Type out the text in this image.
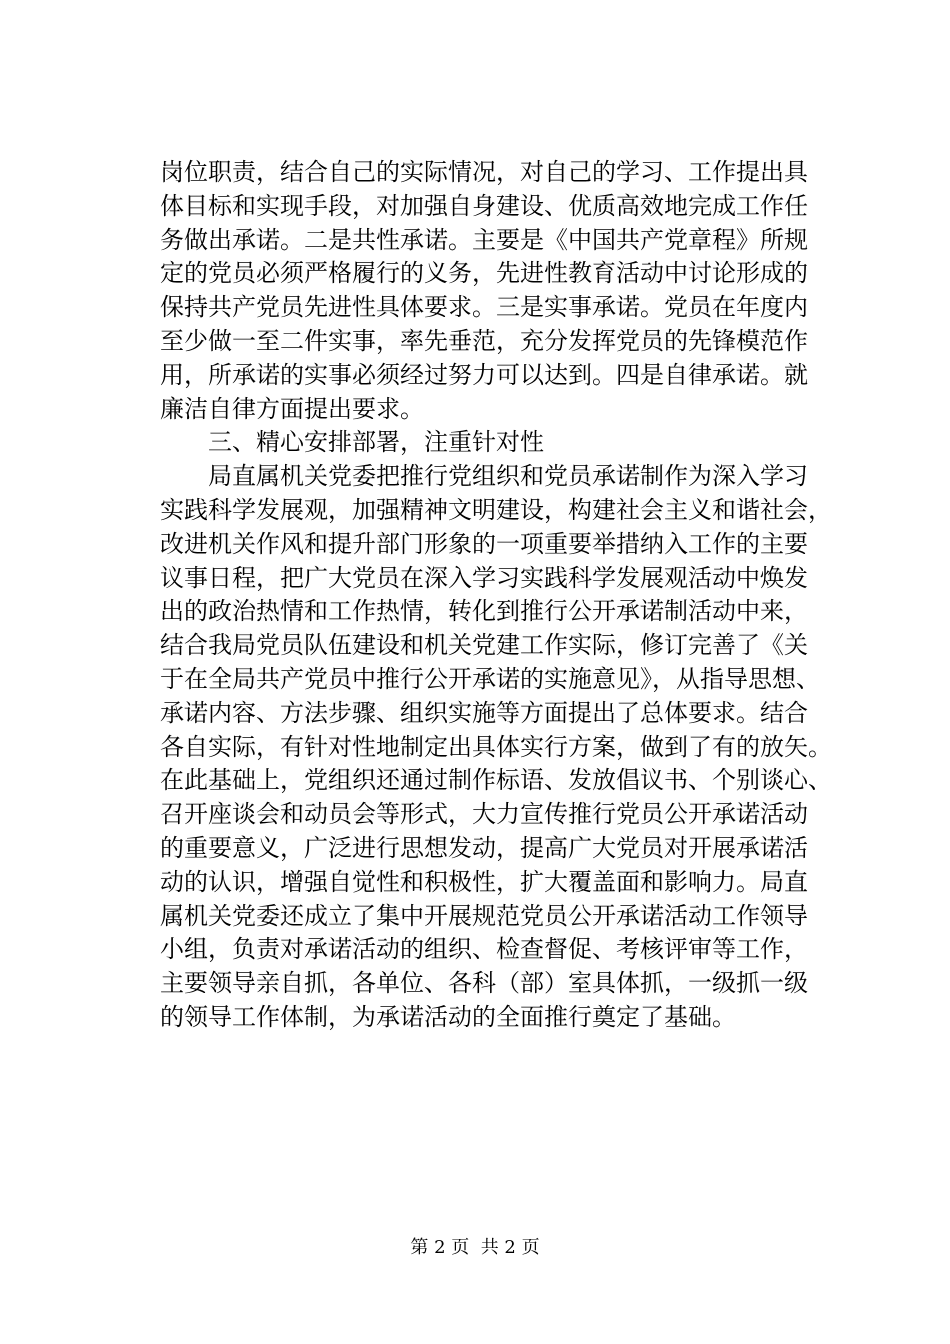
岗位职责，结合自己的实际情况，对自己的学习、工作提出具
体目标和实现手段，对加强自身建设、优质高效地完成工作任
务做出承诺。二是共性承诺。主要是《中国共产党章程》所规
定的党员必须严格履行的义务，先进性教育活动中讨论形成的
保持共产党员先进性具体要求。三是实事承诺。党员在年度内
至少做一至二件实事，率先垂范，充分发挥党员的先锋模范作
用，所承诺的实事必须经过努力可以达到。四是自律承诺。就
廉洁自律方面提出要求。
三、精心安排部署，注重针对性
局直属机关党委把推行党组织和党员承诺制作为深入学习
实践科学发展观，加强精神文明建设，构建社会主义和谐社会，
改进机关作风和提升部门形象的一项重要举措纳入工作的主要
议事日程，把广大党员在深入学习实践科学发展观活动中焕发
出的政治热情和工作热情，转化到推行公开承诺制活动中来，
结合我局党员队伍建设和机关党建工作实际，修订完善了《关
于在全局共产党员中推行公开承诺的实施意见》，从指导思想、
承诺内容、方法步骤、组织实施等方面提出了总体要求。结合
各自实际，有针对性地制定出具体实行方案，做到了有的放矢。
在此基础上，党组织还通过制作标语、发放倡议书、个别谈心、
召开座谈会和动员会等形式，大力宣传推行党员公开承诺活动
的重要意义，广泛进行思想发动，提高广大党员对开展承诺活
动的认识，增强自觉性和积极性，扩大覆盖面和影响力。局直
属机关党委还成立了集中开展规范党员公开承诺活动工作领导
小组，负责对承诺活动的组织、检查督促、考核评审等工作，
主要领导亲自抓，各单位、各科（部）室具体抓，一级抓一级
的领导工作体制，为承诺活动的全面推行奠定了基础。
第 2 页  共 2 页
